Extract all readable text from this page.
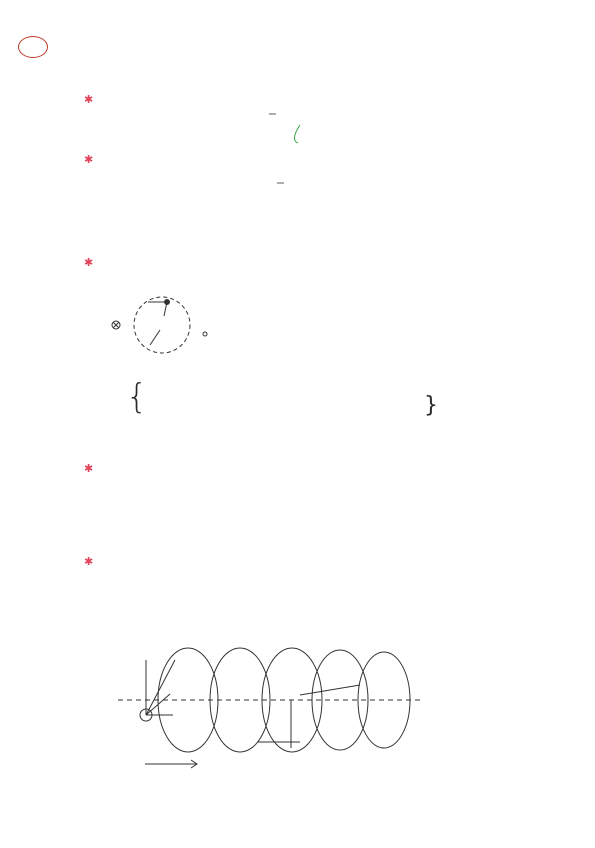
✱
✱
✱
{	}
✱
✱
